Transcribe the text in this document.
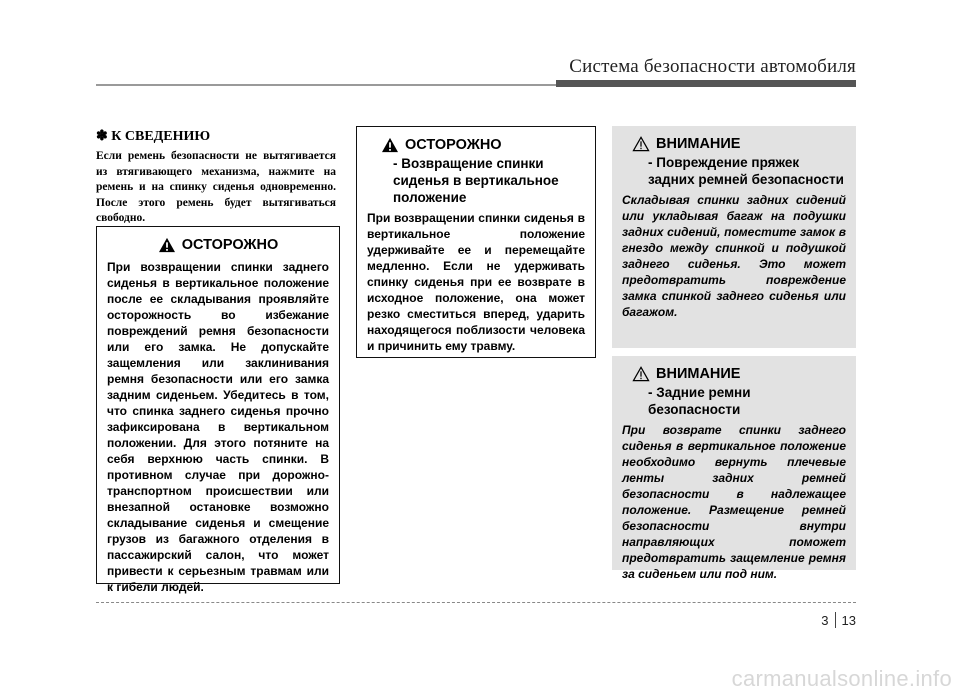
Система безопасности автомобиля

✽ К СВЕДЕНИЮ

Если ремень безопасности не вытягивается из втягивающего механизма, нажмите на ремень и на спинку сиденья одновременно. После этого ремень будет вытягиваться свободно.

ОСТОРОЖНО

При возвращении спинки заднего сиденья в вертикальное положение после ее складывания проявляйте осторожность во избежание повреждений ремня безопасности или его замка. Не допускайте защемления или заклинивания ремня безопасности или его замка задним сиденьем. Убедитесь в том, что спинка заднего сиденья прочно зафиксирована в вертикальном положении. Для этого потяните на себя верхнюю часть спинки. В противном случае при дорожно-транспортном происшествии или внезапной остановке возможно складывание сиденья и смещение грузов из багажного отделения в пассажирский салон, что может привести к серьезным травмам или к гибели людей.

ОСТОРОЖНО
- Возвращение спинки сиденья в вертикальное положение

При возвращении спинки сиденья в вертикальное положение удерживайте ее и перемещайте медленно. Если не удерживать спинку сиденья при ее возврате в исходное положение, она может резко сместиться вперед, ударить находящегося поблизости человека и причинить ему травму.

ВНИМАНИЕ
- Повреждение пряжек задних ремней безопасности

Складывая спинки задних сидений или укладывая багаж на подушки задних сидений, поместите замок в гнездо между спинкой и подушкой заднего сиденья. Это может предотвратить повреждение замка спинкой заднего сиденья или багажом.

ВНИМАНИЕ
- Задние ремни безопасности

При возврате спинки заднего сиденья в вертикальное положение необходимо вернуть плечевые ленты задних ремней безопасности в надлежащее положение. Размещение ремней безопасности внутри направляющих поможет предотвратить защемление ремня за сиденьем или под ним.

3 13
carmanualsonline.info
